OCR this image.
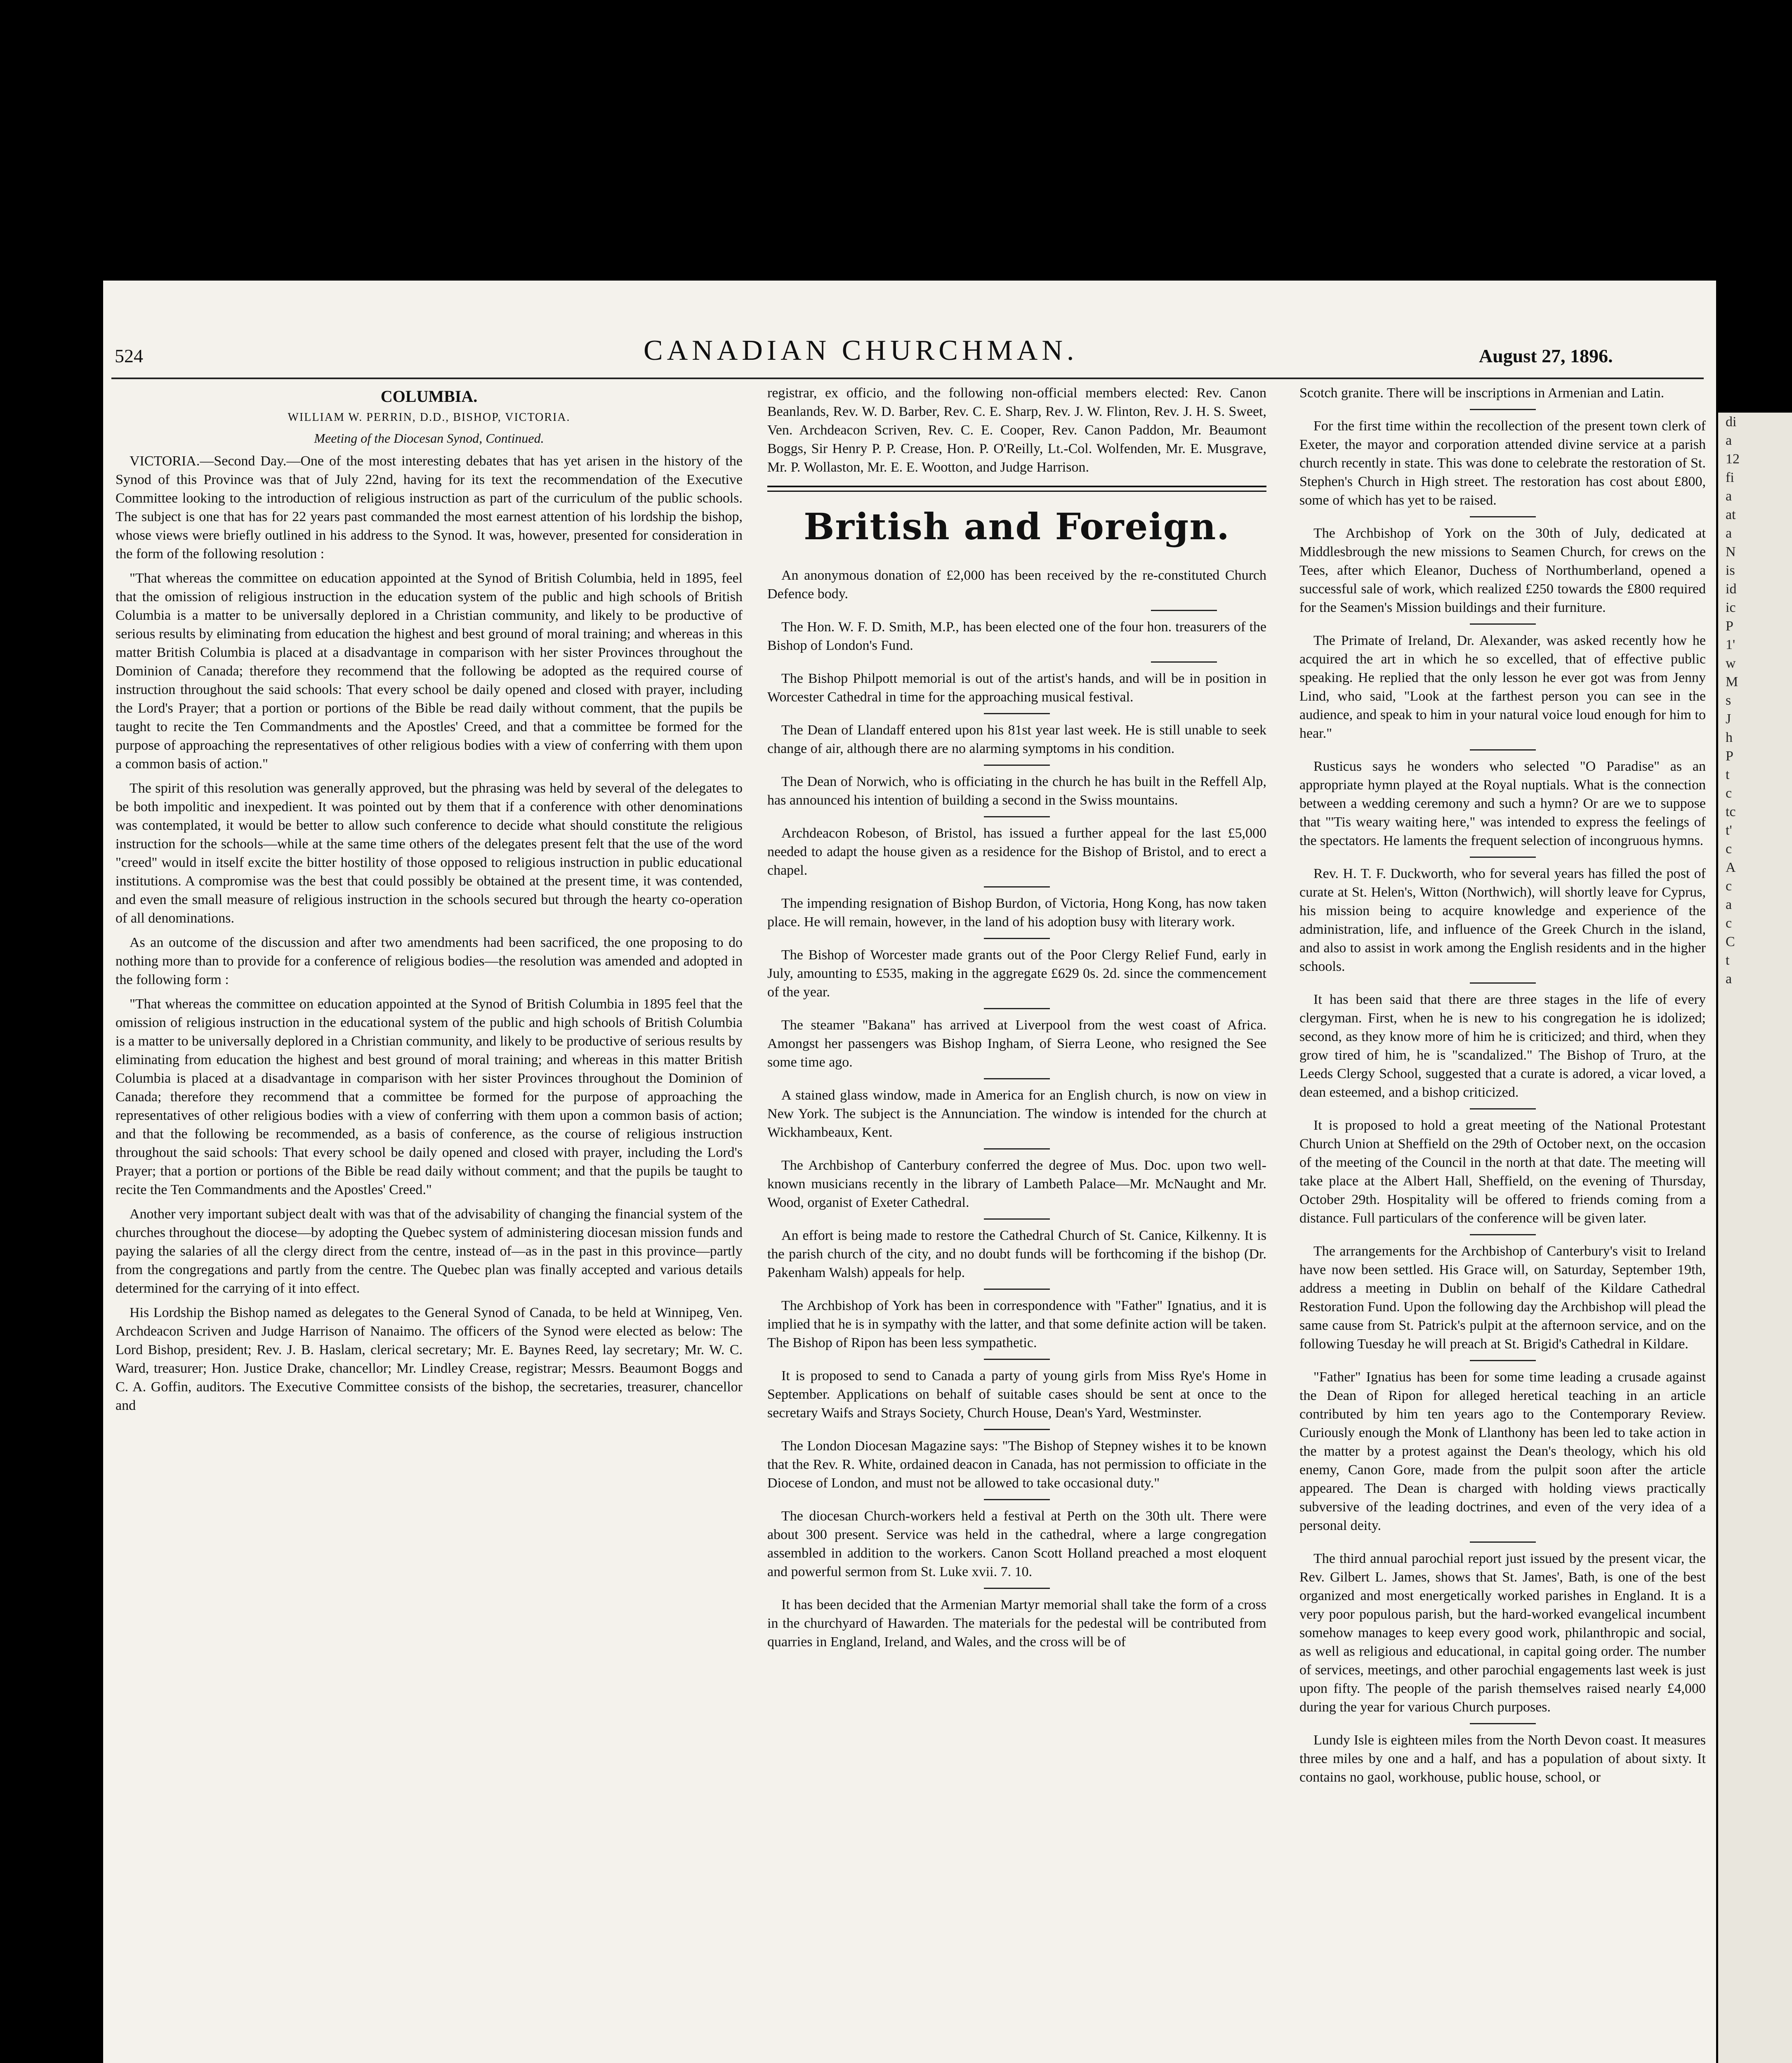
524	CANADIAN CHURCHMAN.	August 27, 1896.
COLUMBIA.
WILLIAM W. PERRIN, D.D., BISHOP, VICTORIA.
Meeting of the Diocesan Synod, Continued.

VICTORIA.—Second Day.—One of the most interesting debates that has yet arisen in the history of the Synod of this Province was that of July 22nd, having for its text the recommendation of the Executive Committee looking to the introduction of religious instruction as part of the curriculum of the public schools. The subject is one that has for 22 years past commanded the most earnest attention of his lordship the bishop, whose views were briefly outlined in his address to the Synod. It was, however, presented for consideration in the form of the following resolution :

"That whereas the committee on education appointed at the Synod of British Columbia, held in 1895, feel that the omission of religious instruction in the education system of the public and high schools of British Columbia is a matter to be universally deplored in a Christian community, and likely to be productive of serious results by eliminating from education the highest and best ground of moral training; and whereas in this matter British Columbia is placed at a disadvantage in comparison with her sister Provinces throughout the Dominion of Canada; therefore they recommend that the following be adopted as the required course of instruction throughout the said schools: That every school be daily opened and closed with prayer, including the Lord's Prayer; that a portion or portions of the Bible be read daily without comment, that the pupils be taught to recite the Ten Commandments and the Apostles' Creed, and that a committee be formed for the purpose of approaching the representatives of other religious bodies with a view of conferring with them upon a common basis of action."

The spirit of this resolution was generally approved, but the phrasing was held by several of the delegates to be both impolitic and inexpedient. It was pointed out by them that if a conference with other denominations was contemplated, it would be better to allow such conference to decide what should constitute the religious instruction for the schools—while at the same time others of the delegates present felt that the use of the word "creed" would in itself excite the bitter hostility of those opposed to religious instruction in public educational institutions. A compromise was the best that could possibly be obtained at the present time, it was contended, and even the small measure of religious instruction in the schools secured but through the hearty co-operation of all denominations.

As an outcome of the discussion and after two amendments had been sacrificed, the one proposing to do nothing more than to provide for a conference of religious bodies—the resolution was amended and adopted in the following form :

"That whereas the committee on education appointed at the Synod of British Columbia in 1895 feel that the omission of religious instruction in the educational system of the public and high schools of British Columbia is a matter to be universally deplored in a Christian community, and likely to be productive of serious results by eliminating from education the highest and best ground of moral training; and whereas in this matter British Columbia is placed at a disadvantage in comparison with her sister Provinces throughout the Dominion of Canada; therefore they recommend that a committee be formed for the purpose of approaching the representatives of other religious bodies with a view of conferring with them upon a common basis of action; and that the following be recommended, as a basis of conference, as the course of religious instruction throughout the said schools: That every school be daily opened and closed with prayer, including the Lord's Prayer; that a portion or portions of the Bible be read daily without comment; and that the pupils be taught to recite the Ten Commandments and the Apostles' Creed."

Another very important subject dealt with was that of the advisability of changing the financial system of the churches throughout the diocese—by adopting the Quebec system of administering diocesan mission funds and paying the salaries of all the clergy direct from the centre, instead of—as in the past in this province—partly from the congregations and partly from the centre. The Quebec plan was finally accepted and various details determined for the carrying of it into effect.

His Lordship the Bishop named as delegates to the General Synod of Canada, to be held at Winnipeg, Ven. Archdeacon Scriven and Judge Harrison of Nanaimo. The officers of the Synod were elected as below: The Lord Bishop, president; Rev. J. B. Haslam, clerical secretary; Mr. E. Baynes Reed, lay secretary; Mr. W. C. Ward, treasurer; Hon. Justice Drake, chancellor; Mr. Lindley Crease, registrar; Messrs. Beaumont Boggs and C. A. Goffin, auditors. The Executive Committee consists of the bishop, the secretaries, treasurer, chancellor and

registrar, ex officio, and the following non-official members elected: Rev. Canon Beanlands, Rev. W. D. Barber, Rev. C. E. Sharp, Rev. J. W. Flinton, Rev. J. H. S. Sweet, Ven. Archdeacon Scriven, Rev. C. E. Cooper, Rev. Canon Paddon, Mr. Beaumont Boggs, Sir Henry P. P. Crease, Hon. P. O'Reilly, Lt.-Col. Wolfenden, Mr. E. Musgrave, Mr. P. Wollaston, Mr. E. E. Wootton, and Judge Harrison.

British and Foreign.

An anonymous donation of £2,000 has been received by the re-constituted Church Defence body.

The Hon. W. F. D. Smith, M.P., has been elected one of the four hon. treasurers of the Bishop of London's Fund.

The Bishop Philpott memorial is out of the artist's hands, and will be in position in Worcester Cathedral in time for the approaching musical festival.

The Dean of Llandaff entered upon his 81st year last week. He is still unable to seek change of air, although there are no alarming symptoms in his condition.

The Dean of Norwich, who is officiating in the church he has built in the Reffell Alp, has announced his intention of building a second in the Swiss mountains.

Archdeacon Robeson, of Bristol, has issued a further appeal for the last £5,000 needed to adapt the house given as a residence for the Bishop of Bristol, and to erect a chapel.

The impending resignation of Bishop Burdon, of Victoria, Hong Kong, has now taken place. He will remain, however, in the land of his adoption busy with literary work.

The Bishop of Worcester made grants out of the Poor Clergy Relief Fund, early in July, amounting to £535, making in the aggregate £629 0s. 2d. since the commencement of the year.

The steamer "Bakana" has arrived at Liverpool from the west coast of Africa. Amongst her passengers was Bishop Ingham, of Sierra Leone, who resigned the See some time ago.

A stained glass window, made in America for an English church, is now on view in New York. The subject is the Annunciation. The window is intended for the church at Wickhambeaux, Kent.

The Archbishop of Canterbury conferred the degree of Mus. Doc. upon two well-known musicians recently in the library of Lambeth Palace—Mr. McNaught and Mr. Wood, organist of Exeter Cathedral.

An effort is being made to restore the Cathedral Church of St. Canice, Kilkenny. It is the parish church of the city, and no doubt funds will be forthcoming if the bishop (Dr. Pakenham Walsh) appeals for help.

The Archbishop of York has been in correspondence with "Father" Ignatius, and it is implied that he is in sympathy with the latter, and that some definite action will be taken. The Bishop of Ripon has been less sympathetic.

It is proposed to send to Canada a party of young girls from Miss Rye's Home in September. Applications on behalf of suitable cases should be sent at once to the secretary Waifs and Strays Society, Church House, Dean's Yard, Westminster.

The London Diocesan Magazine says: "The Bishop of Stepney wishes it to be known that the Rev. R. White, ordained deacon in Canada, has not permission to officiate in the Diocese of London, and must not be allowed to take occasional duty."

The diocesan Church-workers held a festival at Perth on the 30th ult. There were about 300 present. Service was held in the cathedral, where a large congregation assembled in addition to the workers. Canon Scott Holland preached a most eloquent and powerful sermon from St. Luke xvii. 7. 10.

It has been decided that the Armenian Martyr memorial shall take the form of a cross in the churchyard of Hawarden. The materials for the pedestal will be contributed from quarries in England, Ireland, and Wales, and the cross will be of

Scotch granite. There will be inscriptions in Armenian and Latin.

For the first time within the recollection of the present town clerk of Exeter, the mayor and corporation attended divine service at a parish church recently in state. This was done to celebrate the restoration of St. Stephen's Church in High street. The restoration has cost about £800, some of which has yet to be raised.

The Archbishop of York on the 30th of July, dedicated at Middlesbrough the new missions to Seamen Church, for crews on the Tees, after which Eleanor, Duchess of Northumberland, opened a successful sale of work, which realized £250 towards the £800 required for the Seamen's Mission buildings and their furniture.

The Primate of Ireland, Dr. Alexander, was asked recently how he acquired the art in which he so excelled, that of effective public speaking. He replied that the only lesson he ever got was from Jenny Lind, who said, "Look at the farthest person you can see in the audience, and speak to him in your natural voice loud enough for him to hear."

Rusticus says he wonders who selected "O Paradise" as an appropriate hymn played at the Royal nuptials. What is the connection between a wedding ceremony and such a hymn? Or are we to suppose that "'Tis weary waiting here," was intended to express the feelings of the spectators. He laments the frequent selection of incongruous hymns.

Rev. H. T. F. Duckworth, who for several years has filled the post of curate at St. Helen's, Witton (Northwich), will shortly leave for Cyprus, his mission being to acquire knowledge and experience of the administration, life, and influence of the Greek Church in the island, and also to assist in work among the English residents and in the higher schools.

It has been said that there are three stages in the life of every clergyman. First, when he is new to his congregation he is idolized; second, as they know more of him he is criticized; and third, when they grow tired of him, he is "scandalized." The Bishop of Truro, at the Leeds Clergy School, suggested that a curate is adored, a vicar loved, a dean esteemed, and a bishop criticized.

It is proposed to hold a great meeting of the National Protestant Church Union at Sheffield on the 29th of October next, on the occasion of the meeting of the Council in the north at that date. The meeting will take place at the Albert Hall, Sheffield, on the evening of Thursday, October 29th. Hospitality will be offered to friends coming from a distance. Full particulars of the conference will be given later.

The arrangements for the Archbishop of Canterbury's visit to Ireland have now been settled. His Grace will, on Saturday, September 19th, address a meeting in Dublin on behalf of the Kildare Cathedral Restoration Fund. Upon the following day the Archbishop will plead the same cause from St. Patrick's pulpit at the afternoon service, and on the following Tuesday he will preach at St. Brigid's Cathedral in Kildare.

"Father" Ignatius has been for some time leading a crusade against the Dean of Ripon for alleged heretical teaching in an article contributed by him ten years ago to the Contemporary Review. Curiously enough the Monk of Llanthony has been led to take action in the matter by a protest against the Dean's theology, which his old enemy, Canon Gore, made from the pulpit soon after the article appeared. The Dean is charged with holding views practically subversive of the leading doctrines, and even of the very idea of a personal deity.

The third annual parochial report just issued by the present vicar, the Rev. Gilbert L. James, shows that St. James', Bath, is one of the best organized and most energetically worked parishes in England. It is a very poor populous parish, but the hard-worked evangelical incumbent somehow manages to keep every good work, philanthropic and social, as well as religious and educational, in capital going order. The number of services, meetings, and other parochial engagements last week is just upon fifty. The people of the parish themselves raised nearly £4,000 during the year for various Church purposes.

Lundy Isle is eighteen miles from the North Devon coast. It measures three miles by one and a half, and has a population of about sixty. It contains no gaol, workhouse, public house, school, or

di
a
12
fi
a
at
a
N
is
id
ic
P
1'
w
M
s
J
h
P
t
c
tc
t'
c
A
c
a
c
C
t
a
